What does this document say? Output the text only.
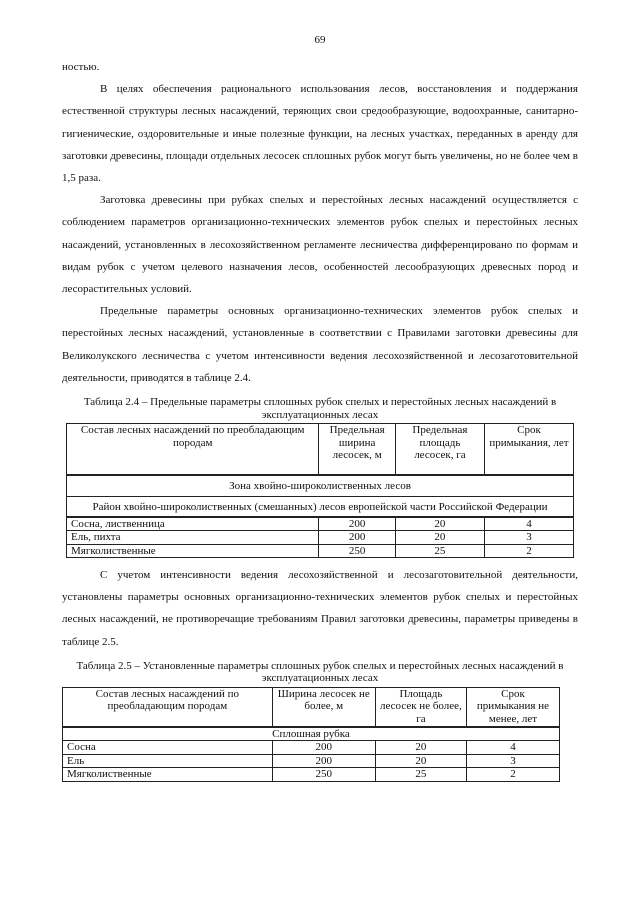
69

ностью.

В целях обеспечения рационального использования лесов, восстановления и поддержания естественной структуры лесных насаждений, теряющих свои средообразующие, водоохранные, санитарно-гигиенические, оздоровительные и иные полезные функции, на лесных участках, переданных в аренду для заготовки древесины, площади отдельных лесосек сплошных рубок могут быть увеличены, но не более чем в 1,5 раза.

Заготовка древесины при рубках спелых и перестойных лесных насаждений осуществляется с соблюдением параметров организационно-технических элементов рубок спелых и перестойных лесных насаждений, установленных в лесохозяйственном регламенте лесничества дифференцировано по формам и видам рубок с учетом целевого назначения лесов, особенностей лесообразующих древесных пород и лесорастительных условий.

Предельные параметры основных организационно-технических элементов рубок спелых и перестойных лесных насаждений, установленные в соответствии с Правилами заготовки древесины для Великолукского лесничества с учетом интенсивности ведения лесохозяйственной и лесозаготовительной деятельности, приводятся в таблице 2.4.

Таблица 2.4 – Предельные параметры сплошных рубок спелых и перестойных лесных насаждений в эксплуатационных лесах
Состав лесных насаждений по преобладающим породам	Предельная ширина лесосек, м	Предельная площадь лесосек, га	Срок примыкания, лет
Зона хвойно-широколиственных лесов			
Район хвойно-широколиственных (смешанных) лесов европейской части Российской Федерации			
Сосна, лиственница	200	20	4
Ель, пихта	200	20	3
Мягколиственные	250	25	2

С учетом интенсивности ведения лесохозяйственной и лесозаготовительной деятельности, установлены параметры основных организационно-технических элементов рубок спелых и перестойных лесных насаждений, не противоречащие требованиям Правил заготовки древесины, параметры приведены в таблице 2.5.

Таблица 2.5 – Установленные параметры сплошных рубок спелых и перестойных лесных насаждений в эксплуатационных лесах
Состав лесных насаждений по преобладающим породам	Ширина лесосек не более, м	Площадь лесосек не более, га	Срок примыкания не менее, лет
Сплошная рубка			
Сосна	200	20	4
Ель	200	20	3
Мягколиственные	250	25	2
